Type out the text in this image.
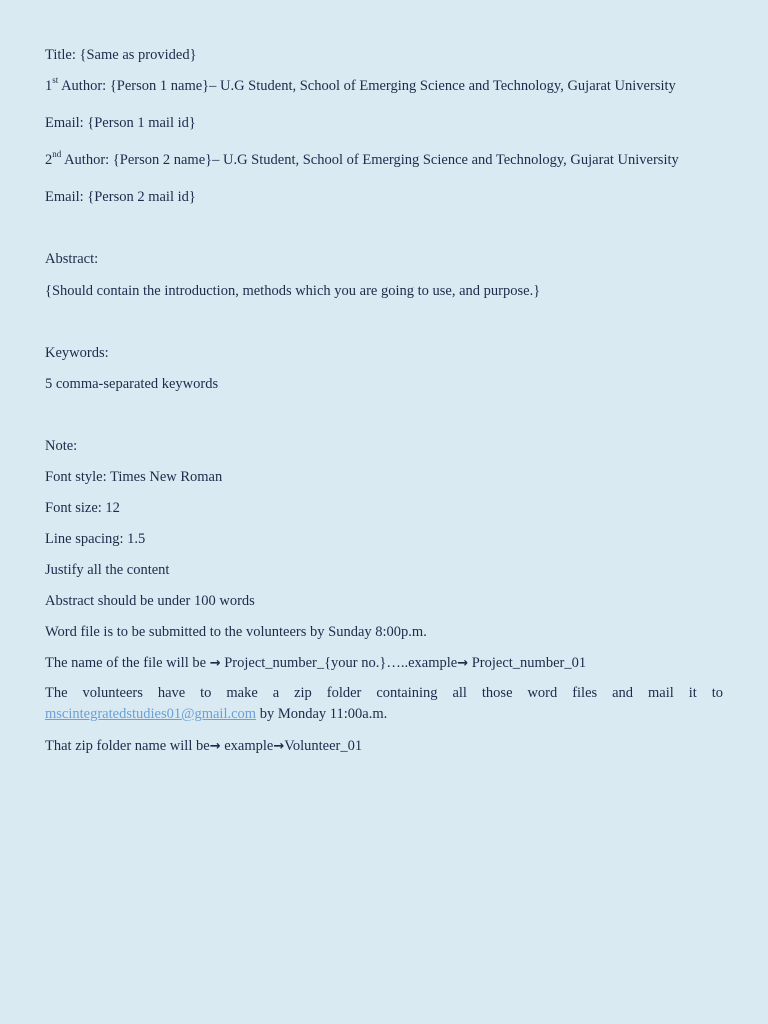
Title: {Same as provided}
1st Author: {Person 1 name}– U.G Student, School of Emerging Science and Technology, Gujarat University
Email: {Person 1 mail id}
2nd Author: {Person 2 name}– U.G Student, School of Emerging Science and Technology, Gujarat University
Email: {Person 2 mail id}
Abstract:
{Should contain the introduction, methods which you are going to use, and purpose.}
Keywords:
5 comma-separated keywords
Note:
Font style: Times New Roman
Font size: 12
Line spacing: 1.5
Justify all the content
Abstract should be under 100 words
Word file is to be submitted to the volunteers by Sunday 8:00p.m.
The name of the file will be → Project_number_{your no.}…..example→ Project_number_01
The volunteers have to make a zip folder containing all those word files and mail it to mscintegratedstudies01@gmail.com by Monday 11:00a.m.
That zip folder name will be→ example→Volunteer_01
